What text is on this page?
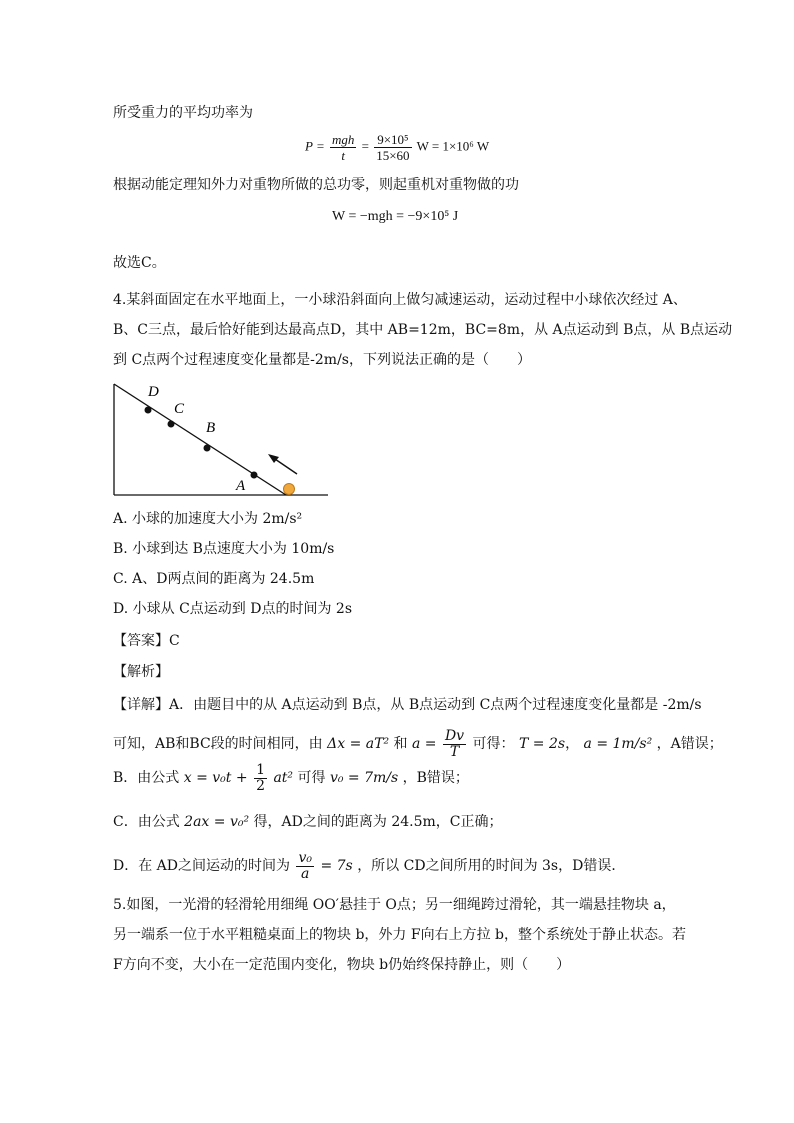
所受重力的平均功率为
$P = \frac{\text{mgh}}{t} = \frac{\text{9×10⁵}}{15\times 60}$ W = 1×10⁶ W
根据动能定理知外力对重物所做的总功零，则起重机对重物做的功
W = −mgh = −9×10⁵ J
故选C。
4.某斜面固定在水平地面上，一小球沿斜面向上做匀减速运动，运动过程中小球依次经过 A、
B、C三点，最后恰好能到达最高点D，其中 AB=12m，BC=8m，从 A点运动到 B点，从 B点运动
到 C点两个过程速度变化量都是-2m/s，下列说法正确的是（　　）
D
C
B
A
A. 小球的加速度大小为 2m/s²
B. 小球到达 B点速度大小为 10m/s
C. A、D两点间的距离为 24.5m
D. 小球从 C点运动到 D点的时间为 2s
【答案】C
【解析】
【详解】A．由题目中的从 A点运动到 B点，从 B点运动到 C点两个过程速度变化量都是 -2m/s
可知，AB和BC段的时间相同，由 Δx = aT² 和 $a = \frac{Dv}{T}$ 可得： T = 2s， a = 1m/s² ，A错误；
B．由公式 $x = v_0t + \frac{1}{2} at^2$ 可得 v₀ = 7m/s ，B错误；
C．由公式 2ax = v₀² 得，AD之间的距离为 24.5m，C正确；
D．在 AD之间运动的时间为 $\frac{\text{v₀}}{a} = 7s$ ，所以 CD之间所用的时间为 3s，D错误．
5.如图，一光滑的轻滑轮用细绳 OO′悬挂于 O点；另一细绳跨过滑轮，其一端悬挂物块 a，
另一端系一位于水平粗糙桌面上的物块 b，外力 F向右上方拉 b，整个系统处于静止状态。若
F方向不变，大小在一定范围内变化，物块 b仍始终保持静止，则（　　）
